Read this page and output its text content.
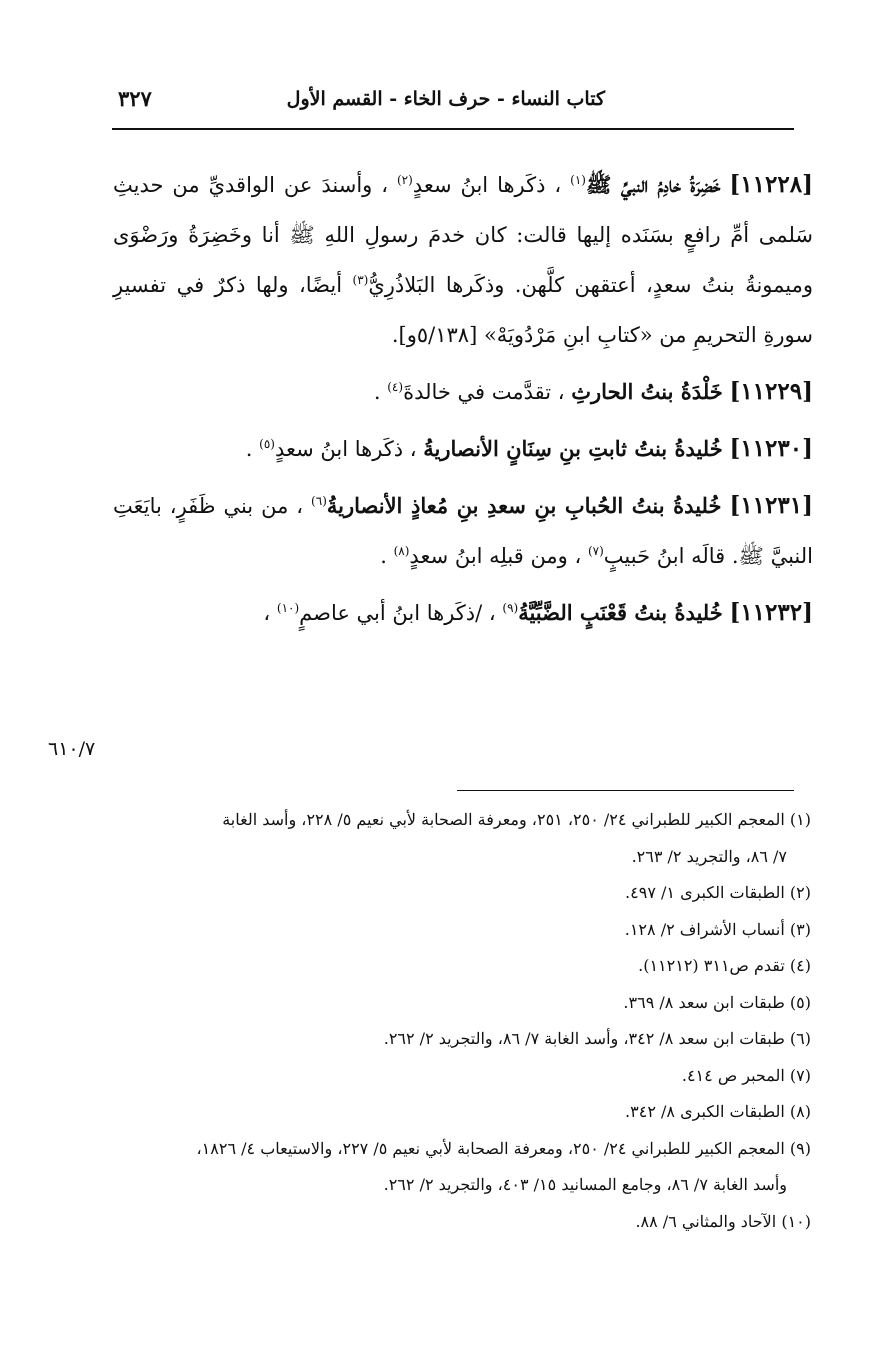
كتاب النساء - حرف الخاء - القسم الأول
٣٢٧

[١١٢٢٨] خَضِرَةُ خادِمُ النبيِّ ﷺ$^{(١)}$ ، ذكَرها ابنُ سعدٍ$^{(٢)}$ ، وأسندَ عن الواقديِّ من حديثِ سَلمى أمِّ رافعٍ بسَنَده إليها قالت: كان خدمَ رسولِ اللهِ ﷺ أنا وخَضِرَةُ ورَضْوَى وميمونةُ بنتُ سعدٍ، أعتقهن كلَّهن. وذكَرها البَلاذُرِيُّ$^{(٣)}$ أيضًا، ولها ذكرٌ في تفسيرِ سورةِ التحريمِ من «كتابِ ابنِ مَرْدُويَهْ» [٥/١٣٨و].

[١١٢٢٩] خَلْدَةُ بنتُ الحارثِ ، تقدَّمت في خالدةَ$^{(٤)}$ .

[١١٢٣٠] خُليدةُ بنتُ ثابتِ بنِ سِنَانٍ الأنصاريةُ ، ذكَرها ابنُ سعدٍ$^{(٥)}$ .

[١١٢٣١] خُليدةُ بنتُ الحُبابِ بنِ سعدِ بنِ مُعاذٍ الأنصاريةُ$^{(٦)}$ ، من بني ظَفَرٍ، بايَعَتِ النبيَّ ﷺ. قالَه ابنُ حَبيبٍ$^{(٧)}$ ، ومن قبلِه ابنُ سعدٍ$^{(٨)}$ .

[١١٢٣٢] خُليدةُ بنتُ قَعْنَبٍ الضَّبِّيَّةُ$^{(٩)}$ ، /ذكَرها ابنُ أبي عاصمٍ$^{(١٠)}$ ،

٦١٠/٧
(١) المعجم الكبير للطبراني ٢٤/ ٢٥٠، ٢٥١، ومعرفة الصحابة لأبي نعيم ٥/ ٢٢٨، وأسد الغابة
٧/ ٨٦، والتجريد ٢/ ٢٦٣.
(٢) الطبقات الكبرى ١/ ٤٩٧.
(٣) أنساب الأشراف ٢/ ١٢٨.
(٤) تقدم ص٣١١ (١١٢١٢).
(٥) طبقات ابن سعد ٨/ ٣٦٩.
(٦) طبقات ابن سعد ٨/ ٣٤٢، وأسد الغابة ٧/ ٨٦، والتجريد ٢/ ٢٦٢.
(٧) المحبر ص ٤١٤.
(٨) الطبقات الكبرى ٨/ ٣٤٢.
(٩) المعجم الكبير للطبراني ٢٤/ ٢٥٠، ومعرفة الصحابة لأبي نعيم ٥/ ٢٢٧، والاستيعاب ٤/ ١٨٢٦،
وأسد الغابة ٧/ ٨٦، وجامع المسانيد ١٥/ ٤٠٣، والتجريد ٢/ ٢٦٢.
(١٠) الآحاد والمثاني ٦/ ٨٨.
